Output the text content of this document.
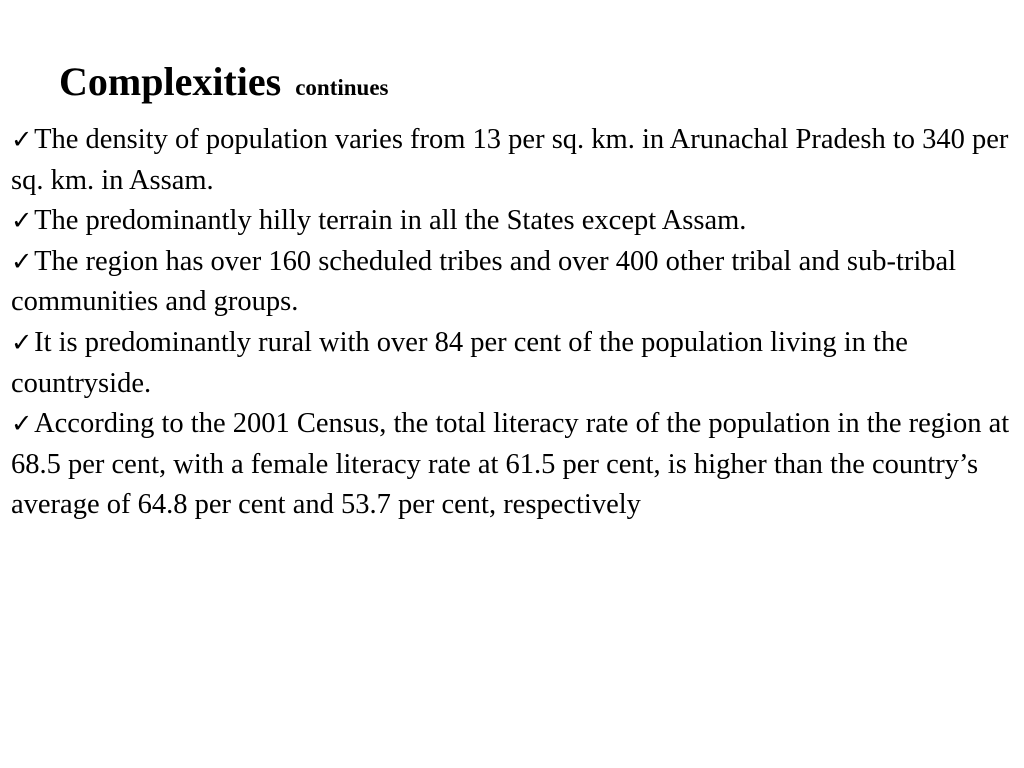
Complexities continues
✓The density of population varies from 13 per sq. km. in Arunachal Pradesh to 340 per sq. km. in Assam.
✓The predominantly hilly terrain in all the States except Assam.
✓The region has over 160 scheduled tribes and over 400 other tribal and sub-tribal communities and groups.
✓It is predominantly rural with over 84 per cent of the population living in the countryside.
✓According to the 2001 Census, the total literacy rate of the population in the region at 68.5 per cent, with a female literacy rate at 61.5 per cent, is higher than the country’s average of 64.8 per cent and 53.7 per cent, respectively
